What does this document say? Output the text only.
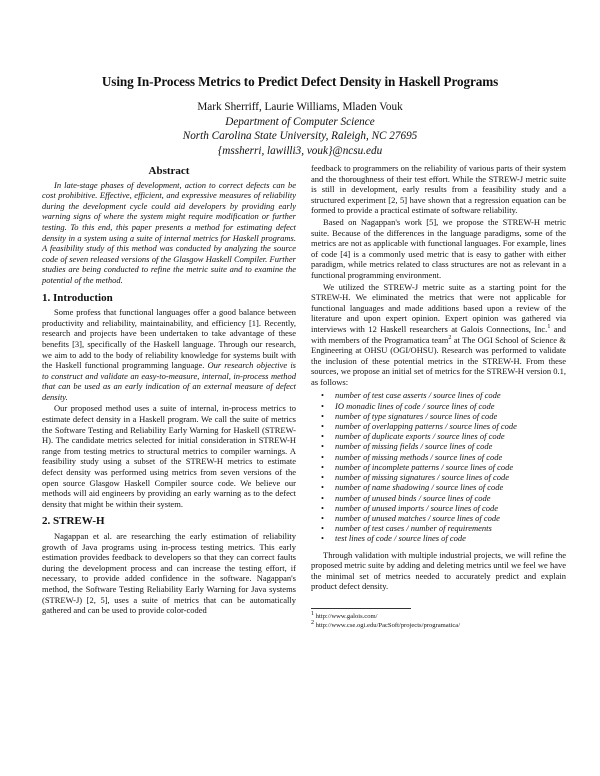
Using In-Process Metrics to Predict Defect Density in Haskell Programs
Mark Sherriff, Laurie Williams, Mladen Vouk
Department of Computer Science
North Carolina State University, Raleigh, NC 27695
{mssherri, lawilli3, vouk}@ncsu.edu
Abstract

In late-stage phases of development, action to correct defects can be cost prohibitive. Effective, efficient, and expressive measures of reliability during the development cycle could aid developers by providing early warning signs of where the system might require modification or further testing. To this end, this paper presents a method for estimating defect density in a system using a suite of internal metrics for Haskell programs. A feasibility study of this method was conducted by analyzing the source code of seven released versions of the Glasgow Haskell Compiler. Further studies are being conducted to refine the metric suite and to examine the potential of the method.

1. Introduction

Some profess that functional languages offer a good balance between productivity and reliability, maintainability, and efficiency [1]. Recently, research and projects have been undertaken to take advantage of these benefits [3], specifically of the Haskell language. Through our research, we aim to add to the body of reliability knowledge for systems built with the Haskell functional programming language. Our research objective is to construct and validate an easy-to-measure, internal, in-process method that can be used as an early indication of an external measure of defect density.

Our proposed method uses a suite of internal, in-process metrics to estimate defect density in a Haskell program. We call the suite of metrics the Software Testing and Reliability Early Warning for Haskell (STREW-H). The candidate metrics selected for initial consideration in STREW-H range from testing metrics to structural metrics to compiler warnings. A feasibility study using a subset of the STREW-H metrics to estimate defect density was performed using metrics from seven versions of the open source Glasgow Haskell Compiler source code. We believe our methods will aid engineers by providing an early warning as to the defect density that might be within their system.

2. STREW-H

Nagappan et al. are researching the early estimation of reliability growth of Java programs using in-process testing metrics. This early estimation provides feedback to developers so that they can correct faults during the development process and can increase the testing effort, if necessary, to provide added confidence in the software. Nagappan's method, the Software Testing Reliability Early Warning for Java systems (STREW-J) [2, 5], uses a suite of metrics that can be automatically gathered and can be used to provide color-coded

feedback to programmers on the reliability of various parts of their system and the thoroughness of their test effort. While the STREW-J metric suite is still in development, early results from a feasibility study and a structured experiment [2, 5] have shown that a regression equation can be formed to provide a practical estimate of software reliability.

Based on Nagappan's work [5], we propose the STREW-H metric suite. Because of the differences in the language paradigms, some of the metrics are not as applicable with functional languages. For example, lines of code [4] is a commonly used metric that is easy to gather with either paradigm, while metrics related to class structures are not as relevant in a functional programming environment.

We utilized the STREW-J metric suite as a starting point for the STREW-H. We eliminated the metrics that were not applicable for functional languages and made additions based upon a review of the literature and upon expert opinion. Expert opinion was gathered via interviews with 12 Haskell researchers at Galois Connections, Inc.$^1$ and with members of the Programatica team$^2$ at The OGI School of Science & Engineering at OHSU (OGI/OHSU). Research was performed to validate the inclusion of these potential metrics in the STREW-H. From these sources, we propose an initial set of metrics for the STREW-H version 0.1, as follows:

• number of test case asserts / source lines of code
• IO monadic lines of code / source lines of code
• number of type signatures / source lines of code
• number of overlapping patterns / source lines of code
• number of duplicate exports / source lines of code
• number of missing fields / source lines of code
• number of missing methods / source lines of code
• number of incomplete patterns / source lines of code
• number of missing signatures / source lines of code
• number of name shadowing / source lines of code
• number of unused binds / source lines of code
• number of unused imports / source lines of code
• number of unused matches / source lines of code
• number of test cases / number of requirements
• test lines of code / source lines of code

Through validation with multiple industrial projects, we will refine the proposed metric suite by adding and deleting metrics until we feel we have the minimal set of metrics needed to accurately predict and explain product defect density.

$^1$ http://www.galois.com/

$^2$ http://www.cse.ogi.edu/PacSoft/projects/programatica/
